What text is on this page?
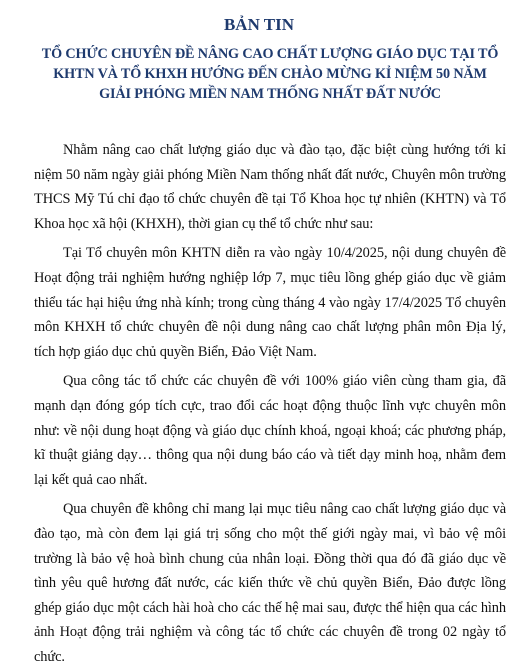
BẢN TIN
TỔ CHỨC CHUYÊN ĐỀ NÂNG CAO CHẤT LƯỢNG GIÁO DỤC TẠI TỔ
KHTN VÀ TỔ KHXH HƯỚNG ĐẾN CHÀO MỪNG KỈ NIỆM 50 NĂM
GIẢI PHÓNG MIỀN NAM THỐNG NHẤT ĐẤT NƯỚC

Nhằm nâng cao chất lượng giáo dục và đào tạo, đặc biệt cùng hướng tới kỉ niệm 50 năm ngày giải phóng Miền Nam thống nhất đất nước, Chuyên môn trường THCS Mỹ Tú chỉ đạo tổ chức chuyên đề tại Tổ Khoa học tự nhiên (KHTN) và Tổ Khoa học xã hội (KHXH), thời gian cụ thể tổ chức như sau:

Tại Tổ chuyên môn KHTN diễn ra vào ngày 10/4/2025, nội dung chuyên đề Hoạt động trải nghiệm hướng nghiệp lớp 7, mục tiêu lồng ghép giáo dục về giảm thiểu tác hại hiệu ứng nhà kính; trong cùng tháng 4 vào ngày 17/4/2025 Tổ chuyên môn KHXH tổ chức chuyên đề nội dung nâng cao chất lượng phân môn Địa lý, tích hợp giáo dục chủ quyền Biển, Đảo Việt Nam.

Qua công tác tổ chức các chuyên đề với 100% giáo viên cùng tham gia, đã mạnh dạn đóng góp tích cực, trao đổi các hoạt động thuộc lĩnh vực chuyên môn như: về nội dung hoạt động và giáo dục chính khoá, ngoại khoá; các phương pháp, kĩ thuật giảng dạy… thông qua nội dung báo cáo và tiết dạy minh hoạ, nhằm đem lại kết quả cao nhất.

Qua chuyên đề không chỉ mang lại mục tiêu nâng cao chất lượng giáo dục và đào tạo, mà còn đem lại giá trị sống cho một thế giới ngày mai, vì bảo vệ môi trường là bảo vệ hoà bình chung của nhân loại. Đồng thời qua đó đã giáo dục về tình yêu quê hương đất nước, các kiến thức về chủ quyền Biển, Đảo được lồng ghép giáo dục một cách hài hoà cho các thế hệ mai sau, được thể hiện qua các hình ảnh Hoạt động trải nghiệm và công tác tổ chức các chuyên đề trong 02 ngày tổ chức.
